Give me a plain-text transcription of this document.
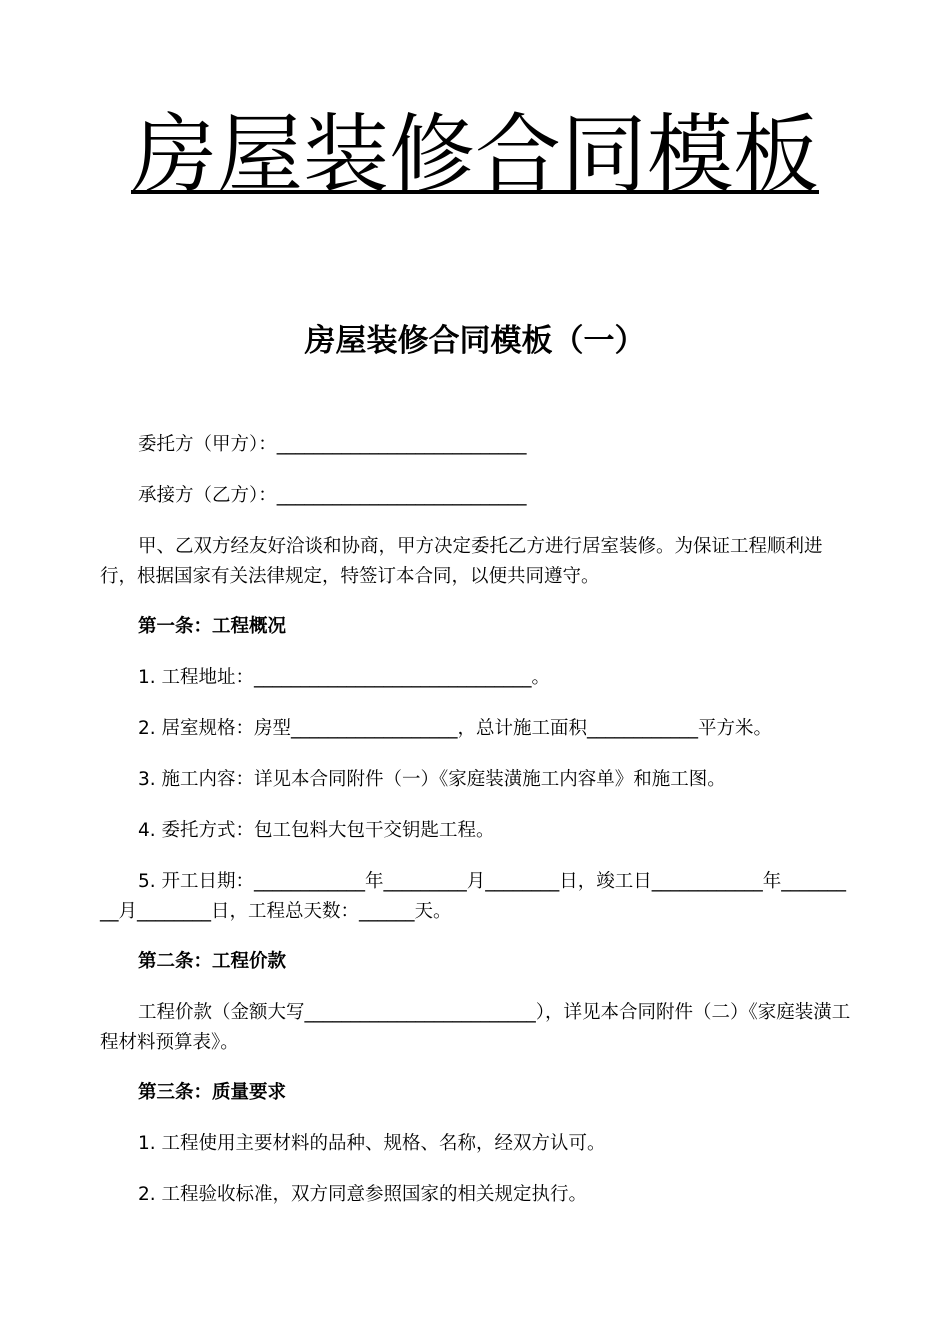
房屋装修合同模板
房屋装修合同模板（一）

委托方（甲方）：___________________________

承接方（乙方）：___________________________

甲、乙双方经友好洽谈和协商，甲方决定委托乙方进行居室装修。为保证工程顺利进行，根据国家有关法律规定，特签订本合同，以便共同遵守。

第一条：工程概况

1. 工程地址：______________________________。

2. 居室规格：房型__________________，总计施工面积____________平方米。

3. 施工内容：详见本合同附件（一）《家庭装潢施工内容单》和施工图。

4. 委托方式：包工包料大包干交钥匙工程。

5. 开工日期：____________年_________月________日，竣工日____________年_________月________日，工程总天数：______天。

第二条：工程价款

工程价款（金额大写_________________________），详见本合同附件（二）《家庭装潢工程材料预算表》。

第三条：质量要求

1. 工程使用主要材料的品种、规格、名称，经双方认可。

2. 工程验收标准，双方同意参照国家的相关规定执行。
